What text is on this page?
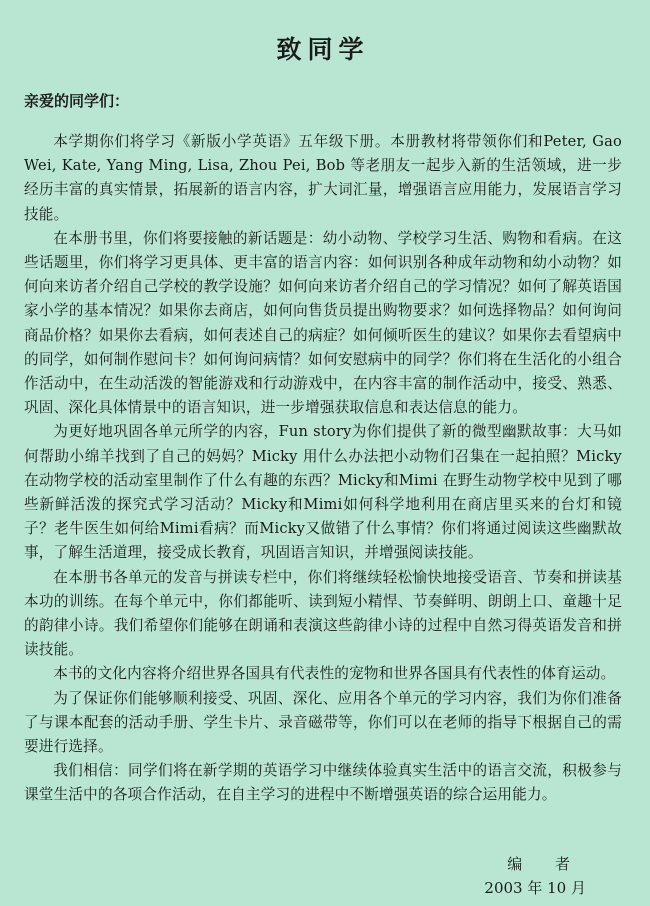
致同学
亲爱的同学们：

本学期你们将学习《新版小学英语》五年级下册。本册教材将带领你们和Peter, Gao Wei, Kate, Yang Ming, Lisa, Zhou Pei, Bob 等老朋友一起步入新的生活领域，进一步经历丰富的真实情景，拓展新的语言内容，扩大词汇量，增强语言应用能力，发展语言学习技能。

在本册书里，你们将要接触的新话题是：幼小动物、学校学习生活、购物和看病。在这些话题里，你们将学习更具体、更丰富的语言内容：如何识别各种成年动物和幼小动物？如何向来访者介绍自己学校的教学设施？如何向来访者介绍自己的学习情况？如何了解英语国家小学的基本情况？如果你去商店，如何向售货员提出购物要求？如何选择物品？如何询问商品价格？如果你去看病，如何表述自己的病症？如何倾听医生的建议？如果你去看望病中的同学，如何制作慰问卡？如何询问病情？如何安慰病中的同学？你们将在生活化的小组合作活动中，在生动活泼的智能游戏和行动游戏中，在内容丰富的制作活动中，接受、熟悉、巩固、深化具体情景中的语言知识，进一步增强获取信息和表达信息的能力。

为更好地巩固各单元所学的内容，Fun story为你们提供了新的微型幽默故事：大马如何帮助小绵羊找到了自己的妈妈？Micky 用什么办法把小动物们召集在一起拍照？Micky 在动物学校的活动室里制作了什么有趣的东西？Micky和Mimi 在野生动物学校中见到了哪些新鲜活泼的探究式学习活动？Micky和Mimi如何科学地利用在商店里买来的台灯和镜子？老牛医生如何给Mimi看病？而Micky又做错了什么事情？你们将通过阅读这些幽默故事，了解生活道理，接受成长教育，巩固语言知识，并增强阅读技能。

在本册书各单元的发音与拼读专栏中，你们将继续轻松愉快地接受语音、节奏和拼读基本功的训练。在每个单元中，你们都能听、读到短小精悍、节奏鲜明、朗朗上口、童趣十足的韵律小诗。我们希望你们能够在朗诵和表演这些韵律小诗的过程中自然习得英语发音和拼读技能。

本书的文化内容将介绍世界各国具有代表性的宠物和世界各国具有代表性的体育运动。

为了保证你们能够顺利接受、巩固、深化、应用各个单元的学习内容，我们为你们准备了与课本配套的活动手册、学生卡片、录音磁带等，你们可以在老师的指导下根据自己的需要进行选择。

我们相信：同学们将在新学期的英语学习中继续体验真实生活中的语言交流，积极参与课堂生活中的各项合作活动，在自主学习的进程中不断增强英语的综合运用能力。

编 者
2003 年 10 月
